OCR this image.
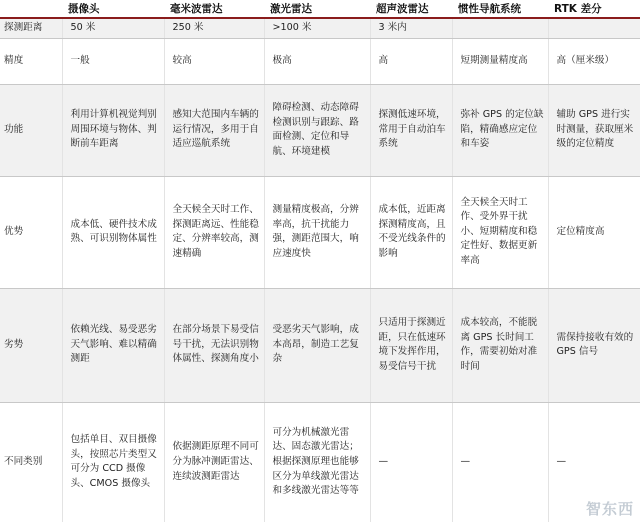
	摄像头	毫米波雷达	激光雷达	超声波雷达	惯性导航系统	RTK 差分
探测距离	50 米	250 米	>100 米	3 米内		
精度	一般	较高	极高	高	短期测量精度高	高（厘米级）
功能	利用计算机视觉判别周围环境与物体、判断前车距离	感知大范围内车辆的运行情况，多用于自适应巡航系统	障碍检测、动态障碍检测识别与跟踪、路面检测、定位和导航、环境建模	探测低速环境，常用于自动泊车系统	弥补 GPS 的定位缺陷，精确感应定位和车姿	辅助 GPS 进行实时测量，获取厘米级的定位精度
优势	成本低、硬件技术成熟、可识别物体属性	全天候全天时工作、探测距离远、性能稳定、分辨率较高，测速精确	测量精度极高，分辨率高，抗干扰能力强，测距范围大，响应速度快	成本低，近距离探测精度高，且不受光线条件的影响	全天候全天时工作、受外界干扰小、短期精度和稳定性好、数据更新率高	定位精度高
劣势	依赖光线、易受恶劣天气影响、难以精确测距	在部分场景下易受信号干扰，无法识别物体属性、探测角度小	受恶劣天气影响，成本高昂，制造工艺复杂	只适用于探测近距，只在低速环境下发挥作用，易受信号干扰	成本较高，不能脱离 GPS 长时间工作，需要初始对准时间	需保持接收有效的 GPS 信号
不同类别	包括单目、双目摄像头，按照芯片类型又可分为 CCD 摄像头、CMOS 摄像头	依据测距原理不同可分为脉冲测距雷达、连续波测距雷达	可分为机械激光雷达、固态激光雷达；根据探测原理也能够区分为单线激光雷达和多线激光雷达等等	—	—	—
智东西
